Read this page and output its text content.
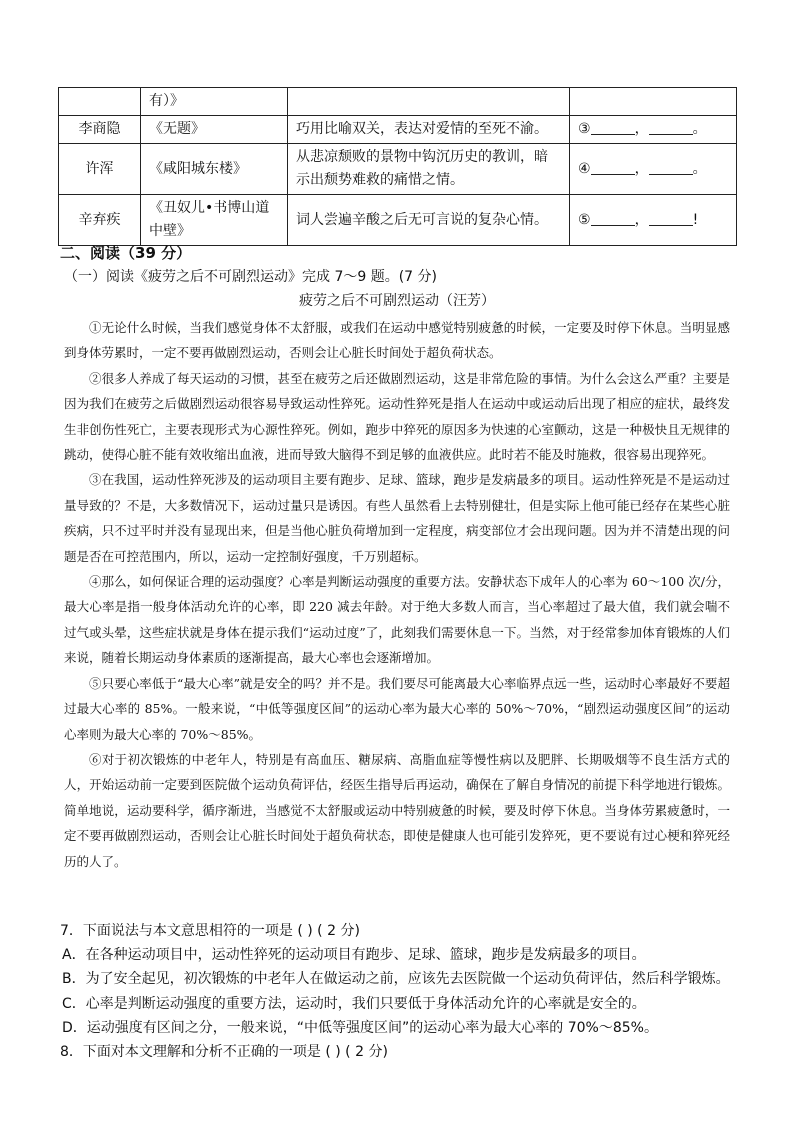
	有）》		
李商隐	《无题》	巧用比喻双关，表达对爱情的至死不渝。	③ ， 。
许浑	《咸阳城东楼》	从悲凉颓败的景物中钩沉历史的教训，暗示出颓势难救的痛惜之情。	④ ， 。
辛弃疾	《丑奴儿•书博山道中壁》	词人尝遍辛酸之后无可言说的复杂心情。	⑤ ， !
二、阅读（39 分）
（一）阅读《疲劳之后不可剧烈运动》完成 7～9 题。(7 分)
疲劳之后不可剧烈运动（汪芳）

①无论什么时候，当我们感觉身体不太舒服，或我们在运动中感觉特别疲惫的时候，一定要及时停下休息。当明显感到身体劳累时，一定不要再做剧烈运动，否则会让心脏长时间处于超负荷状态。

②很多人养成了每天运动的习惯，甚至在疲劳之后还做剧烈运动，这是非常危险的事情。为什么会这么严重？主要是因为我们在疲劳之后做剧烈运动很容易导致运动性猝死。运动性猝死是指人在运动中或运动后出现了相应的症状，最终发生非创伤性死亡，主要表现形式为心源性猝死。例如，跑步中猝死的原因多为快速的心室颤动，这是一种极快且无规律的跳动，使得心脏不能有效收缩出血液，进而导致大脑得不到足够的血液供应。此时若不能及时施救，很容易出现猝死。

③在我国，运动性猝死涉及的运动项目主要有跑步、足球、篮球，跑步是发病最多的项目。运动性猝死是不是运动过量导致的？不是，大多数情况下，运动过量只是诱因。有些人虽然看上去特别健壮，但是实际上他可能已经存在某些心脏疾病，只不过平时并没有显现出来，但是当他心脏负荷增加到一定程度，病变部位才会出现问题。因为并不清楚出现的问题是否在可控范围内，所以，运动一定控制好强度，千万别超标。

④那么，如何保证合理的运动强度？心率是判断运动强度的重要方法。安静状态下成年人的心率为 60～100 次/分，最大心率是指一般身体活动允许的心率，即 220 减去年龄。对于绝大多数人而言，当心率超过了最大值，我们就会喘不过气或头晕，这些症状就是身体在提示我们“运动过度”了，此刻我们需要休息一下。当然，对于经常参加体育锻炼的人们来说，随着长期运动身体素质的逐渐提高，最大心率也会逐渐增加。

⑤只要心率低于“最大心率”就是安全的吗？并不是。我们要尽可能离最大心率临界点远一些，运动时心率最好不要超过最大心率的 85%。一般来说，“中低等强度区间”的运动心率为最大心率的 50%～70%，“剧烈运动强度区间”的运动心率则为最大心率的 70%～85%。

⑥对于初次锻炼的中老年人，特别是有高血压、糖尿病、高脂血症等慢性病以及肥胖、长期吸烟等不良生活方式的人，开始运动前一定要到医院做个运动负荷评估，经医生指导后再运动，确保在了解自身情况的前提下科学地进行锻炼。简单地说，运动要科学，循序渐进，当感觉不太舒服或运动中特别疲惫的时候，要及时停下休息。当身体劳累疲惫时，一定不要再做剧烈运动，否则会让心脏长时间处于超负荷状态，即使是健康人也可能引发猝死，更不要说有过心梗和猝死经历的人了。

7．下面说法与本文意思相符的一项是 ( ) ( 2 分)
A．在各种运动项目中，运动性猝死的运动项目有跑步、足球、篮球，跑步是发病最多的项目。
B．为了安全起见，初次锻炼的中老年人在做运动之前，应该先去医院做一个运动负荷评估，然后科学锻炼。
C．心率是判断运动强度的重要方法，运动时，我们只要低于身体活动允许的心率就是安全的。
D．运动强度有区间之分，一般来说，“中低等强度区间”的运动心率为最大心率的 70%～85%。
8．下面对本文理解和分析不正确的一项是 ( ) ( 2 分)
